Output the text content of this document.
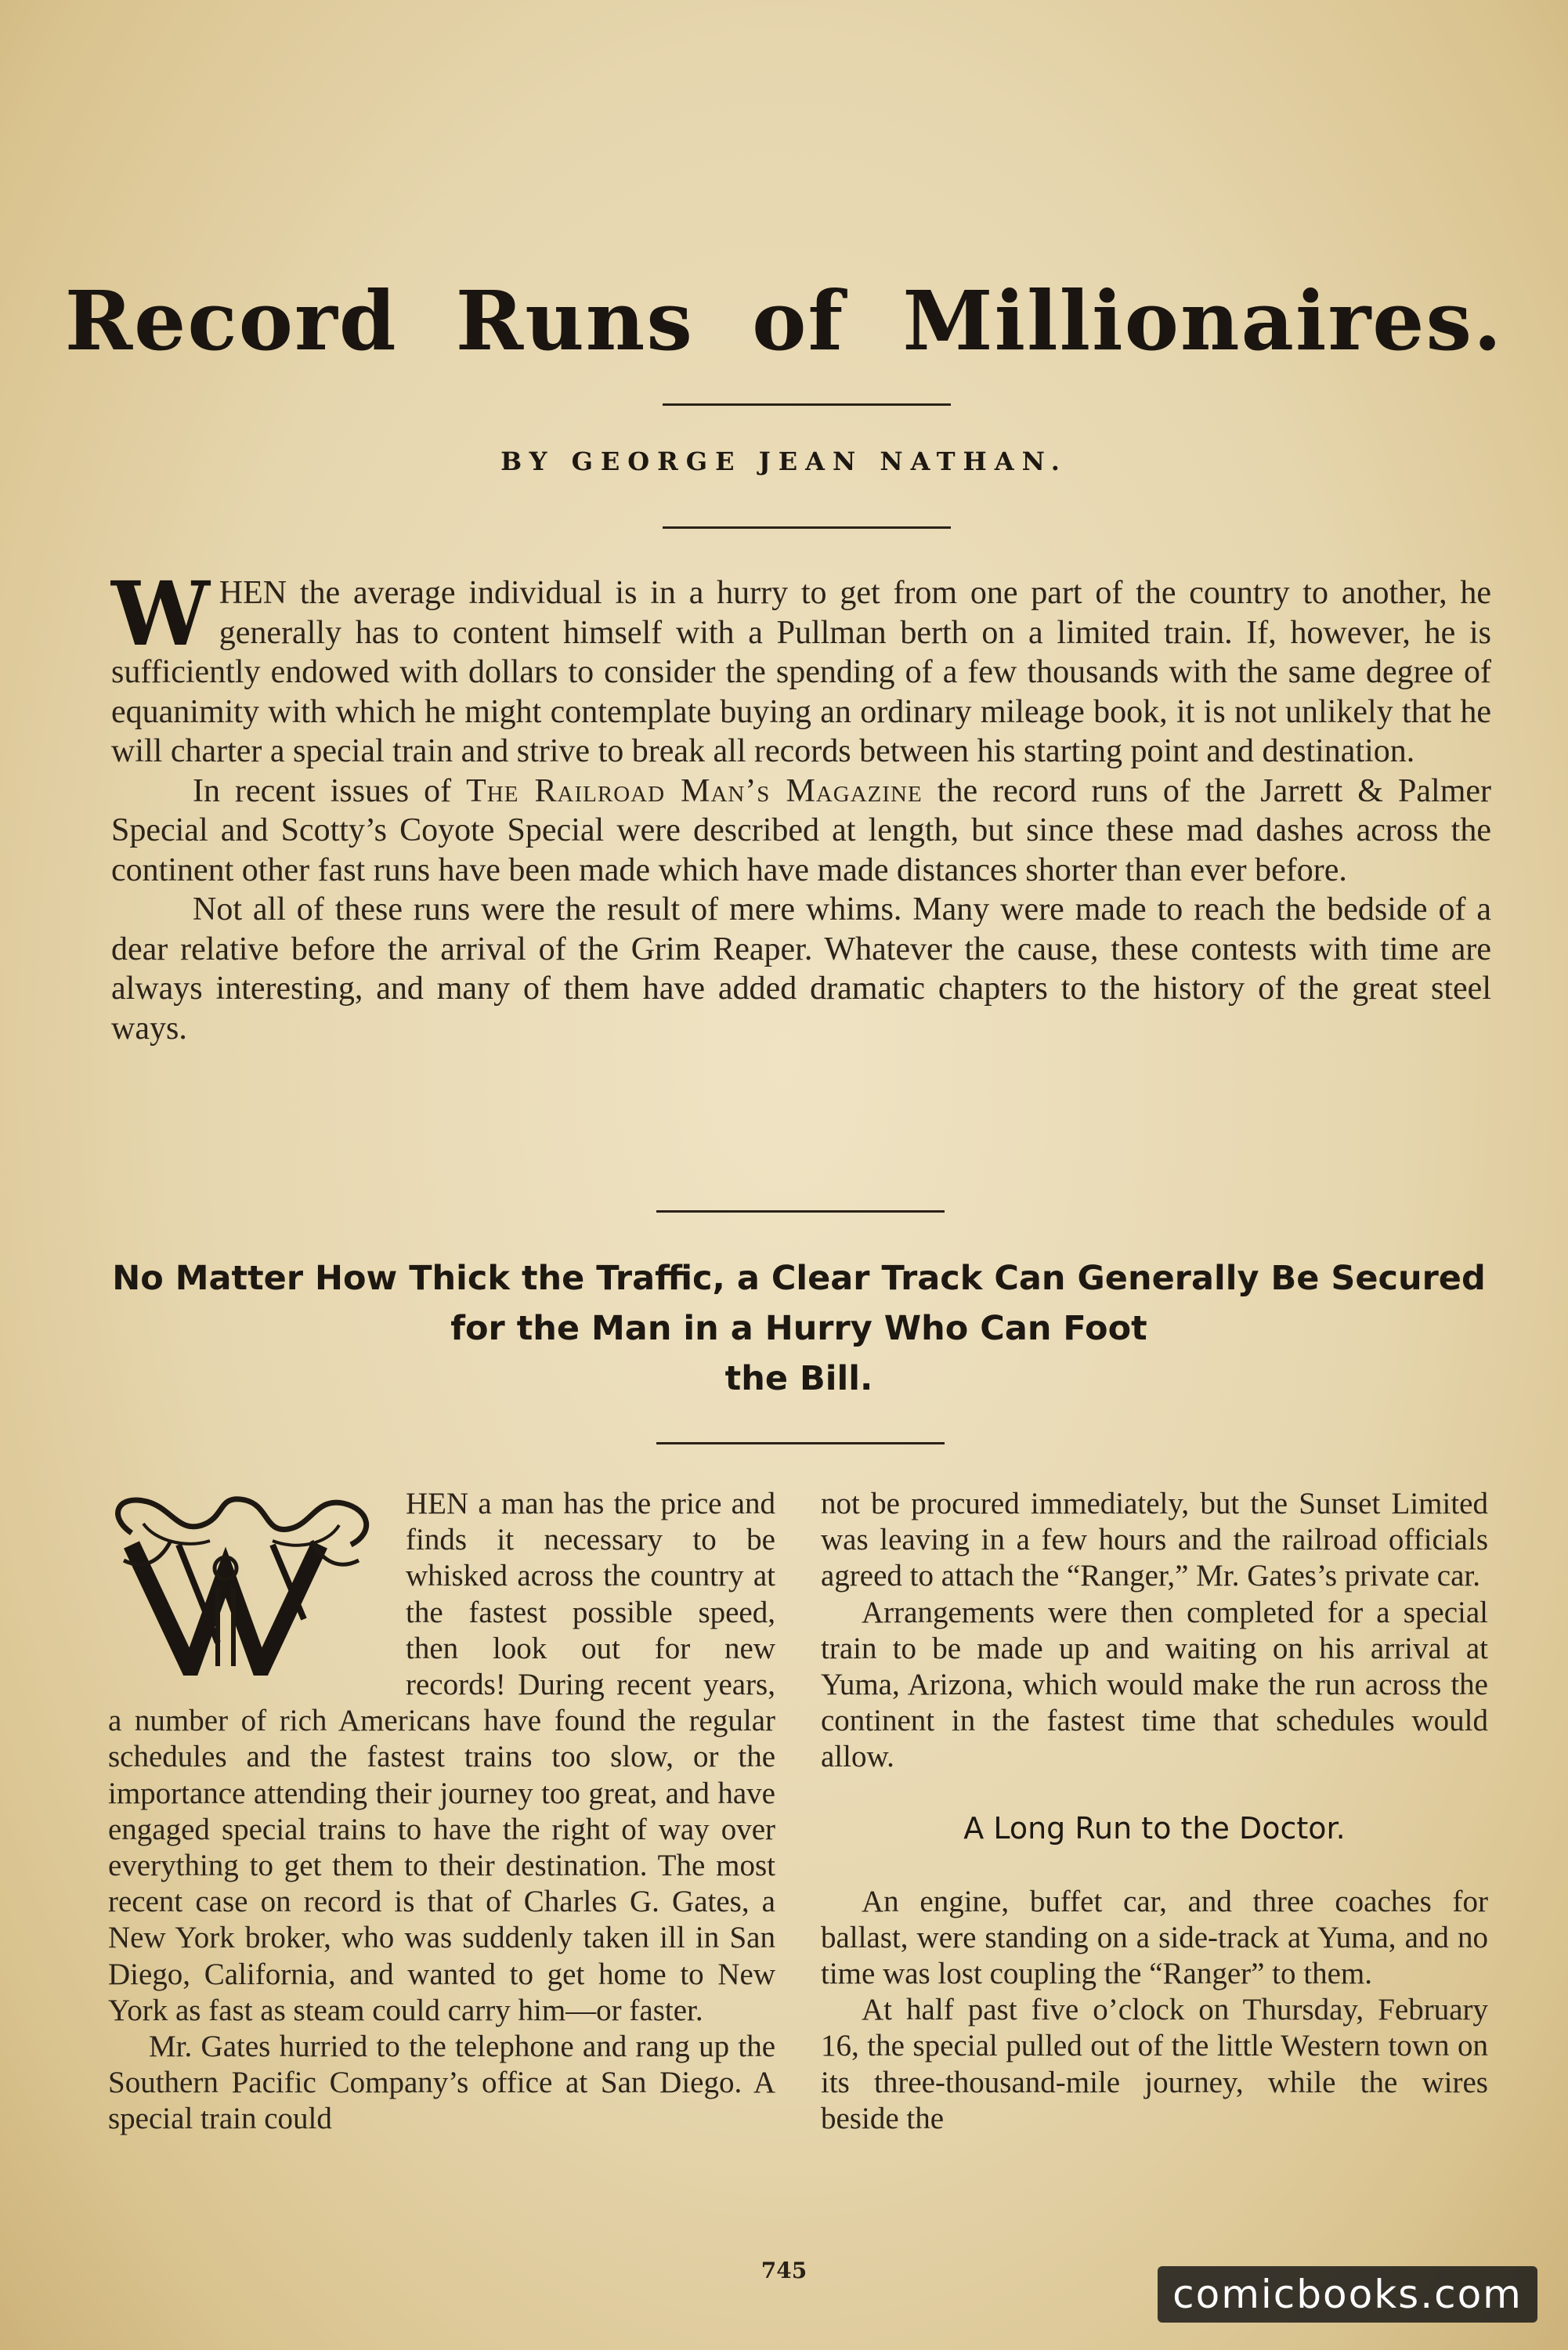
Record Runs of Millionaires.
BY GEORGE JEAN NATHAN.

WHEN the average individual is in a hurry to get from one part of the country to another, he generally has to content himself with a Pullman berth on a limited train. If, however, he is sufficiently endowed with dollars to consider the spending of a few thousands with the same degree of equanimity with which he might contemplate buying an ordinary mileage book, it is not unlikely that he will charter a special train and strive to break all records between his starting point and destination.

In recent issues of The Railroad Man’s Magazine the record runs of the Jarrett & Palmer Special and Scotty’s Coyote Special were described at length, but since these mad dashes across the continent other fast runs have been made which have made distances shorter than ever before.

Not all of these runs were the result of mere whims. Many were made to reach the bedside of a dear relative before the arrival of the Grim Reaper. Whatever the cause, these contests with time are always interesting, and many of them have added dramatic chapters to the history of the great steel ways.

No Matter How Thick the Traffic, a Clear Track Can Generally Be Secured
for the Man in a Hurry Who Can Foot
the Bill.

HEN a man has the price and finds it necessary to be whisked across the country at the fastest possible speed, then look out for new records! During recent years, a number of rich Americans have found the regular schedules and the fastest trains too slow, or the importance attending their journey too great, and have engaged special trains to have the right of way over everything to get them to their destination. The most recent case on record is that of Charles G. Gates, a New York broker, who was suddenly taken ill in San Diego, California, and wanted to get home to New York as fast as steam could carry him—or faster.

Mr. Gates hurried to the telephone and rang up the Southern Pacific Company’s office at San Diego. A special train could

not be procured immediately, but the Sunset Limited was leaving in a few hours and the railroad officials agreed to attach the “Ranger,” Mr. Gates’s private car.

Arrangements were then completed for a special train to be made up and waiting on his arrival at Yuma, Arizona, which would make the run across the continent in the fastest time that schedules would allow.

A Long Run to the Doctor.

An engine, buffet car, and three coaches for ballast, were standing on a side-track at Yuma, and no time was lost coupling the “Ranger” to them.

At half past five o’clock on Thursday, February 16, the special pulled out of the little Western town on its three-thousand-mile journey, while the wires beside the

745
comicbooks.com
